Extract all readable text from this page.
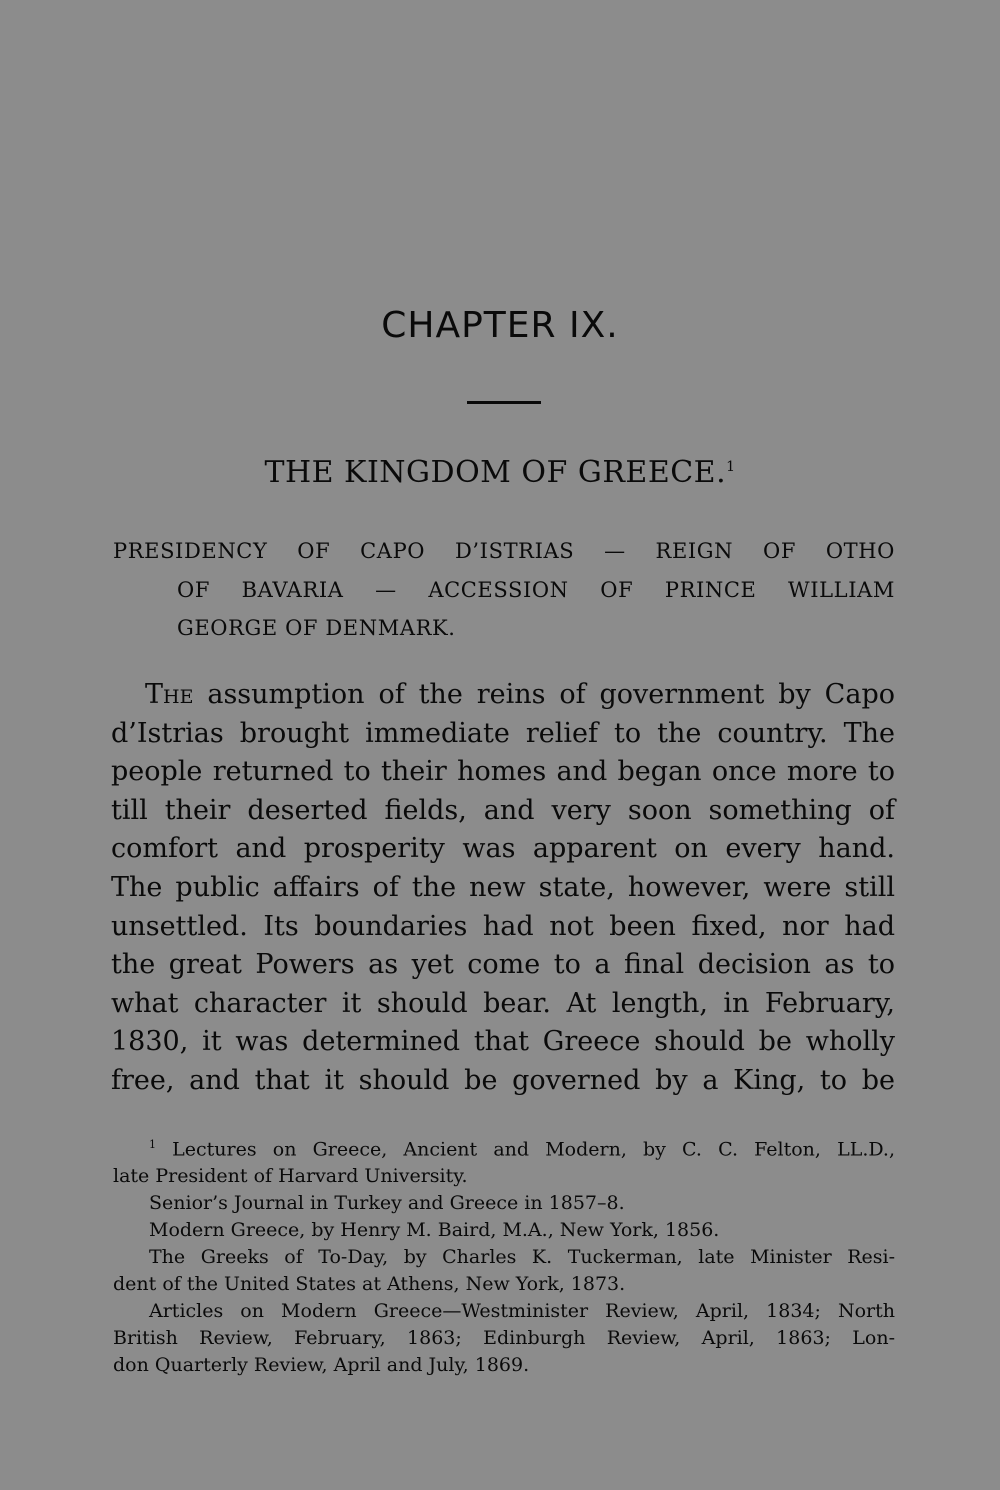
CHAPTER IX.
THE KINGDOM OF GREECE.$^1$
PRESIDENCY OF CAPO D’ISTRIAS — REIGN OF OTHO
OF BAVARIA — ACCESSION OF PRINCE WILLIAM
GEORGE OF DENMARK.
The assumption of the reins of government by Capo
d’Istrias brought immediate relief to the country. The
people returned to their homes and began once more to
till their deserted fields, and very soon something of
comfort and prosperity was apparent on every hand.
The public affairs of the new state, however, were still
unsettled. Its boundaries had not been fixed, nor had
the great Powers as yet come to a final decision as to
what character it should bear. At length, in February,
1830, it was determined that Greece should be wholly
free, and that it should be governed by a King, to be
$^1$ Lectures on Greece, Ancient and Modern, by C. C. Felton, LL.D.,
late President of Harvard University.
Senior’s Journal in Turkey and Greece in 1857–8.
Modern Greece, by Henry M. Baird, M.A., New York, 1856.
The Greeks of To-Day, by Charles K. Tuckerman, late Minister Resi-
dent of the United States at Athens, New York, 1873.
Articles on Modern Greece—Westminister Review, April, 1834; North
British Review, February, 1863; Edinburgh Review, April, 1863; Lon-
don Quarterly Review, April and July, 1869.
